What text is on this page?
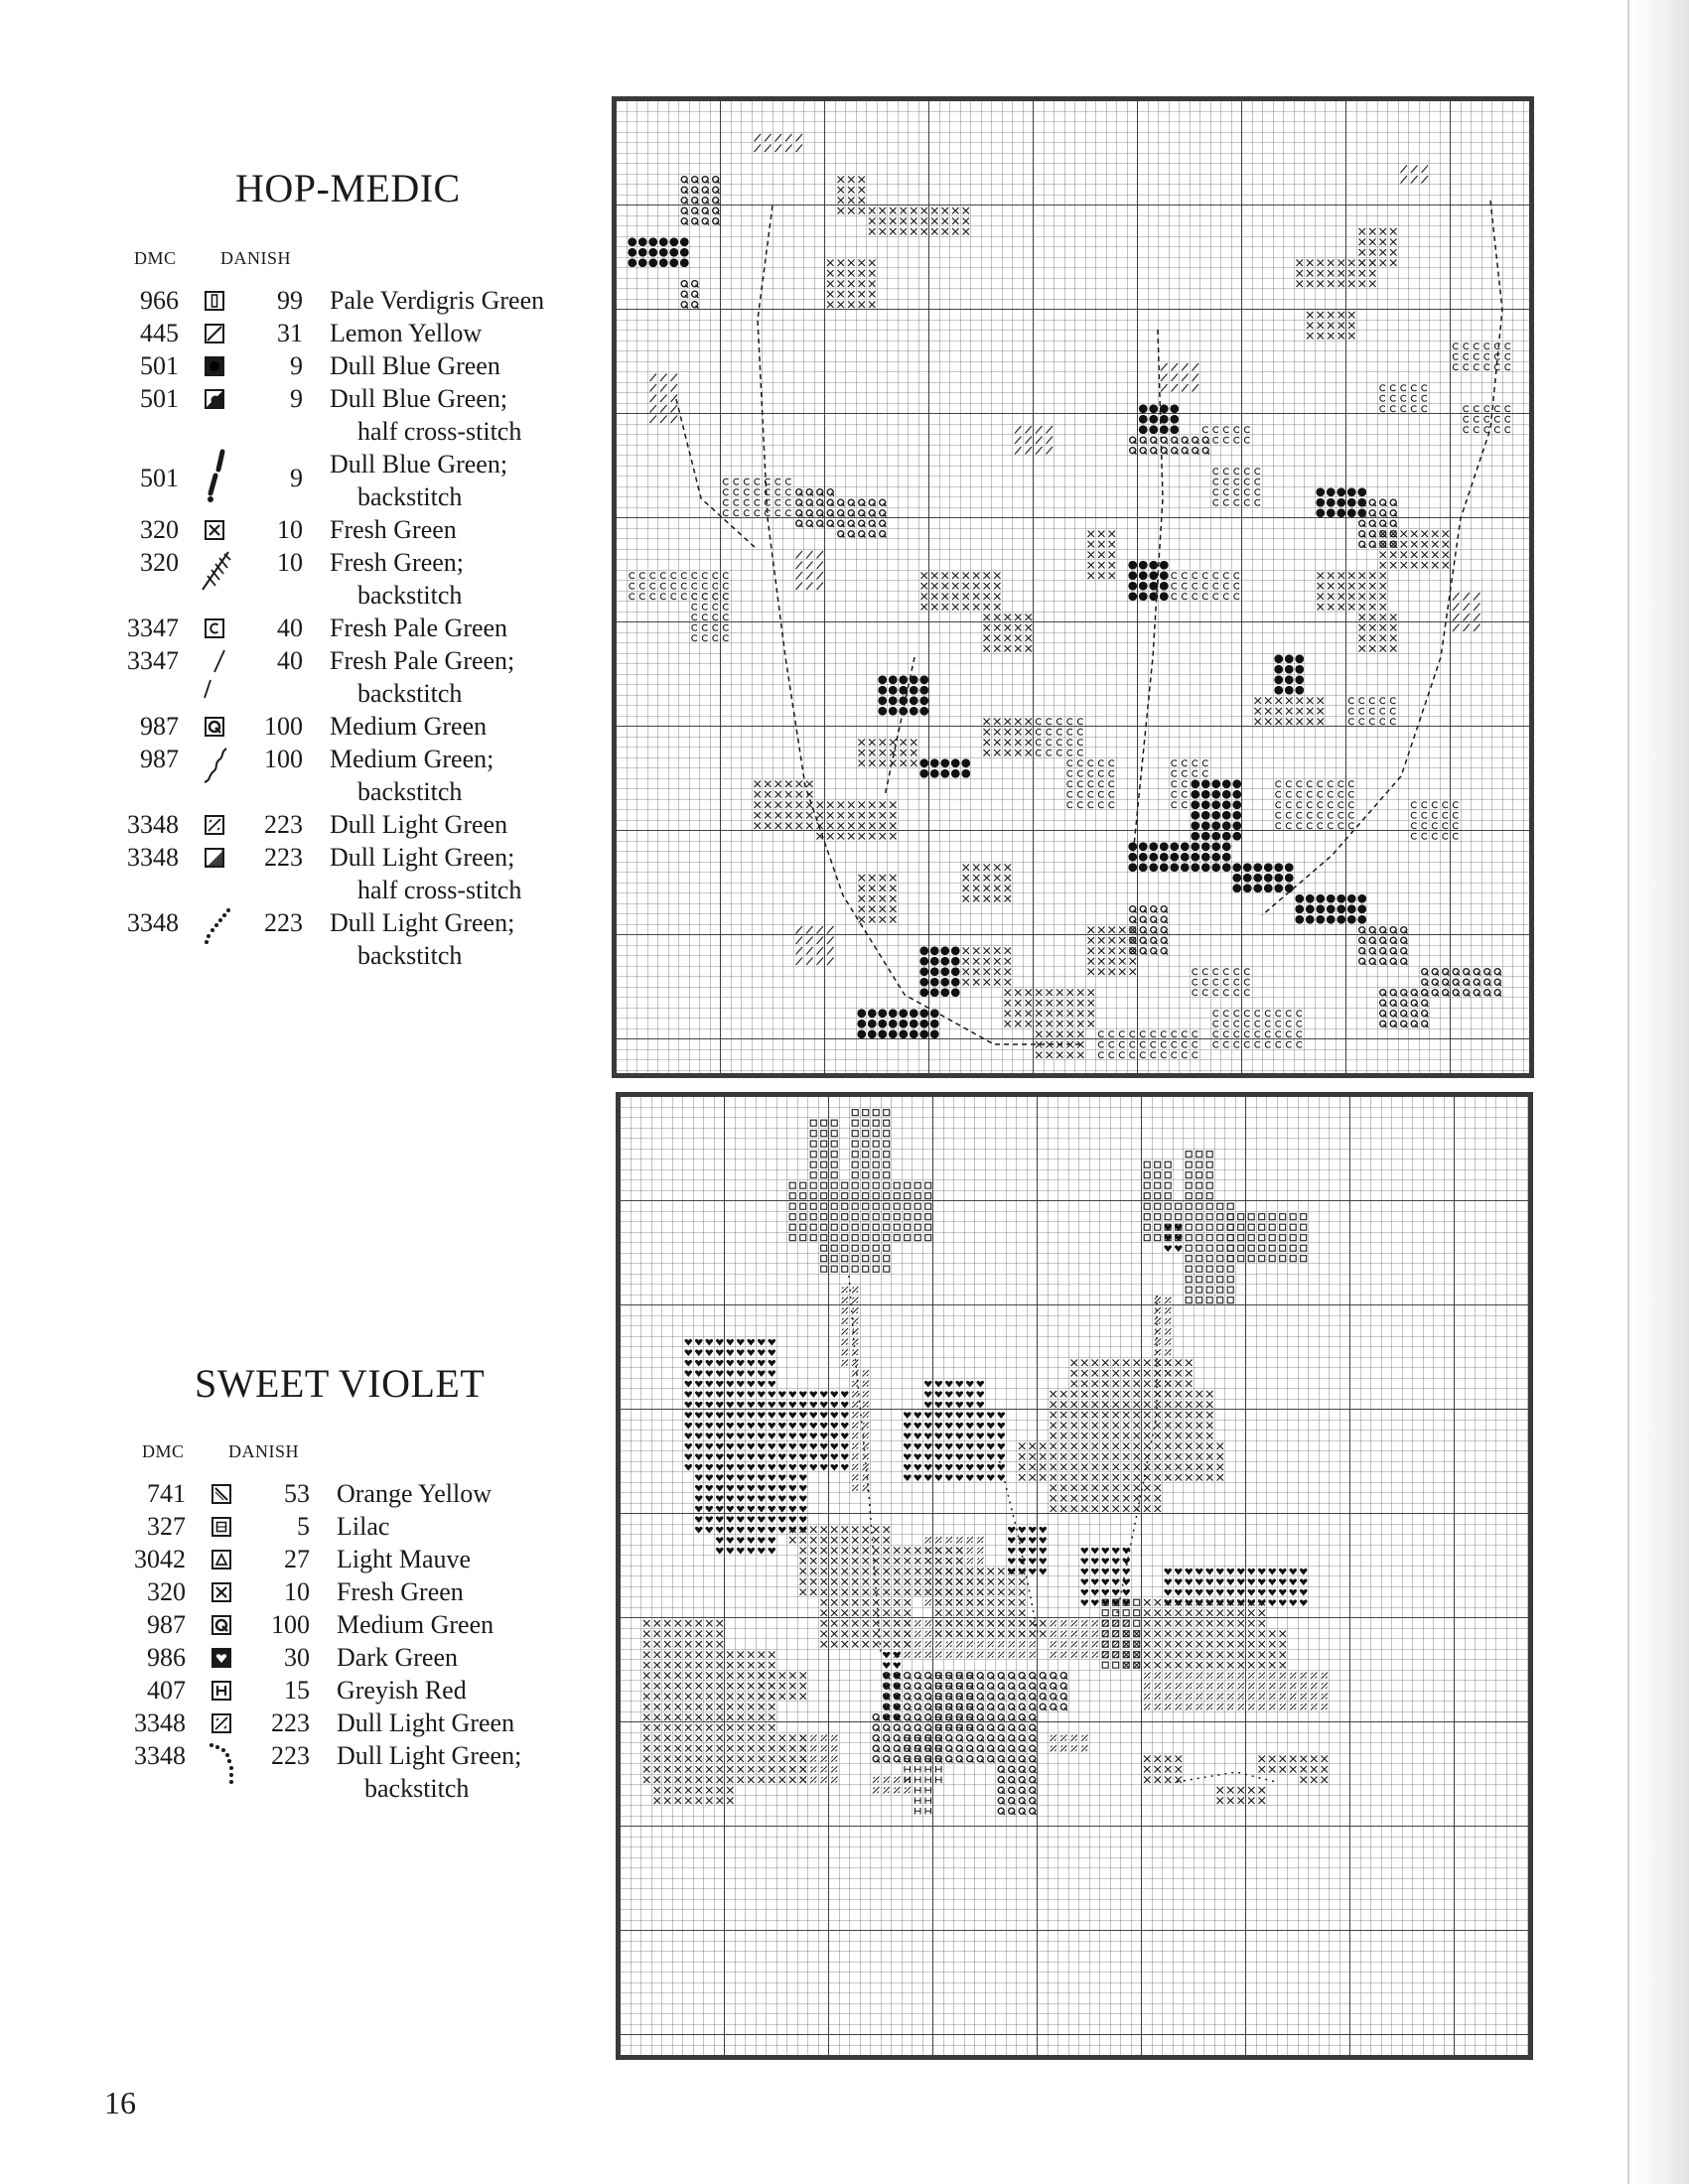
HOP-MEDIC
DMC DANISH
966	99 Pale Verdigris Green
445	31 Lemon Yellow
501	9 Dull Blue Green
501	9 Dull Blue Green;
half cross-stitch
501	9 Dull Blue Green;
backstitch
320	10 Fresh Green
320	10 Fresh Green;
backstitch
3347	40 Fresh Pale Green
3347	40 Fresh Pale Green;
backstitch
987	100 Medium Green
987	100 Medium Green;
backstitch
3348	223 Dull Light Green
3348	223 Dull Light Green;
half cross-stitch
3348	223 Dull Light Green;
backstitch
SWEET VIOLET
DMC DANISH
741	53 Orange Yellow
327	5 Lilac
3042	27 Light Mauve
320	10 Fresh Green
987	100 Medium Green
986	30 Dark Green
407	15 Greyish Red
3348	223 Dull Light Green
3348	223 Dull Light Green;
backstitch
16
